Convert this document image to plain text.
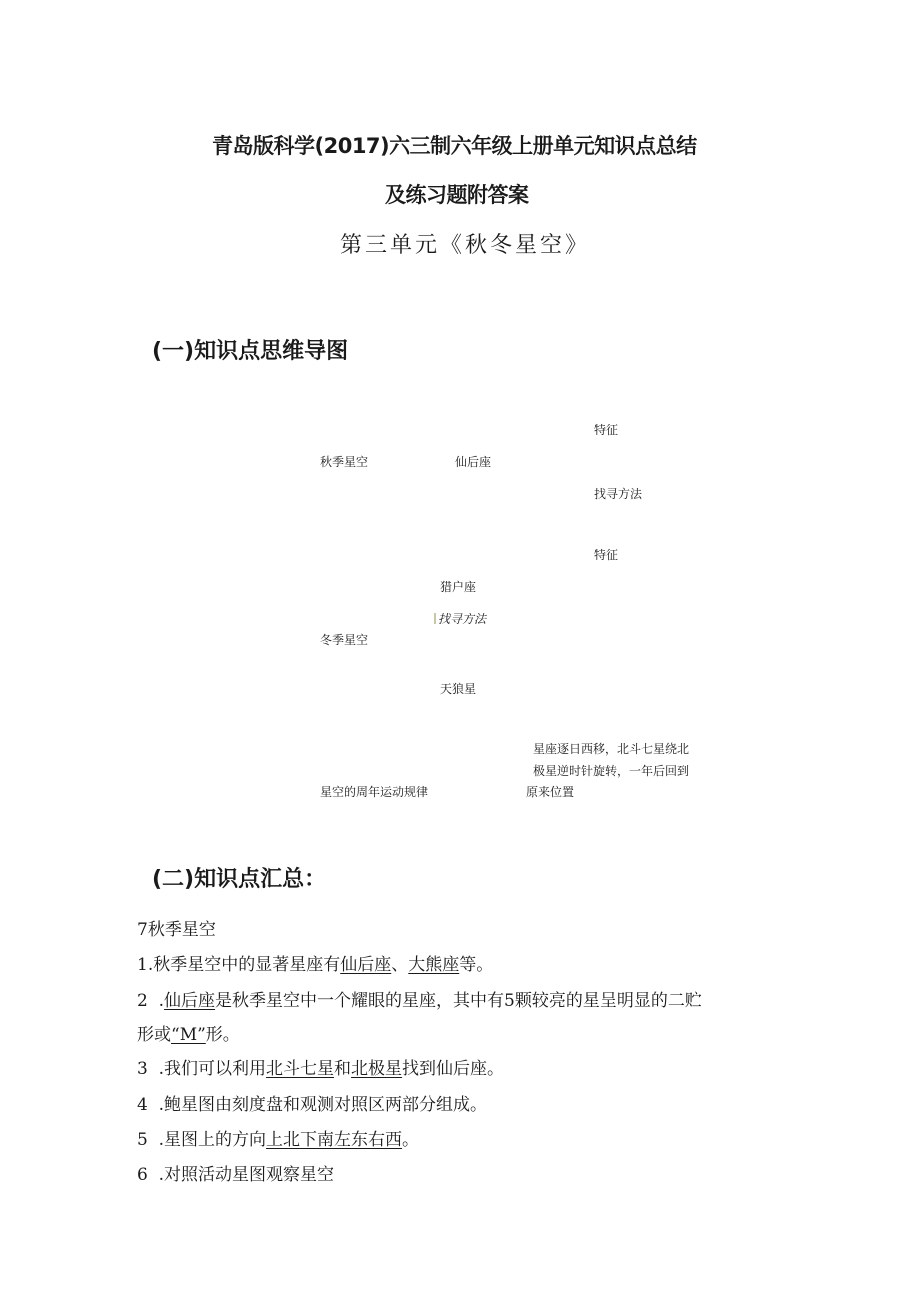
青岛版科学(2017)六三制六年级上册单元知识点总结
及练习题附答案
第三单元《秋冬星空》
(一)知识点思维导图
特征
秋季星空	仙后座
找寻方法
特征
猎户座
找寻方法
冬季星空
天狼星
星座逐日西移，北斗七星绕北
极星逆时针旋转，一年后回到
星空的周年运动规律	原来位置
(二)知识点汇总：
7秋季星空
1.秋季星空中的显著星座有仙后座、大熊座等。
2 .仙后座是秋季星空中一个耀眼的星座，其中有5颗较亮的星呈明显的二贮
形或“M”形。
3 .我们可以利用北斗七星和北极星找到仙后座。
4 .鲍星图由刻度盘和观测对照区两部分组成。
5 .星图上的方向上北下南左东右西。
6 .对照活动星图观察星空
